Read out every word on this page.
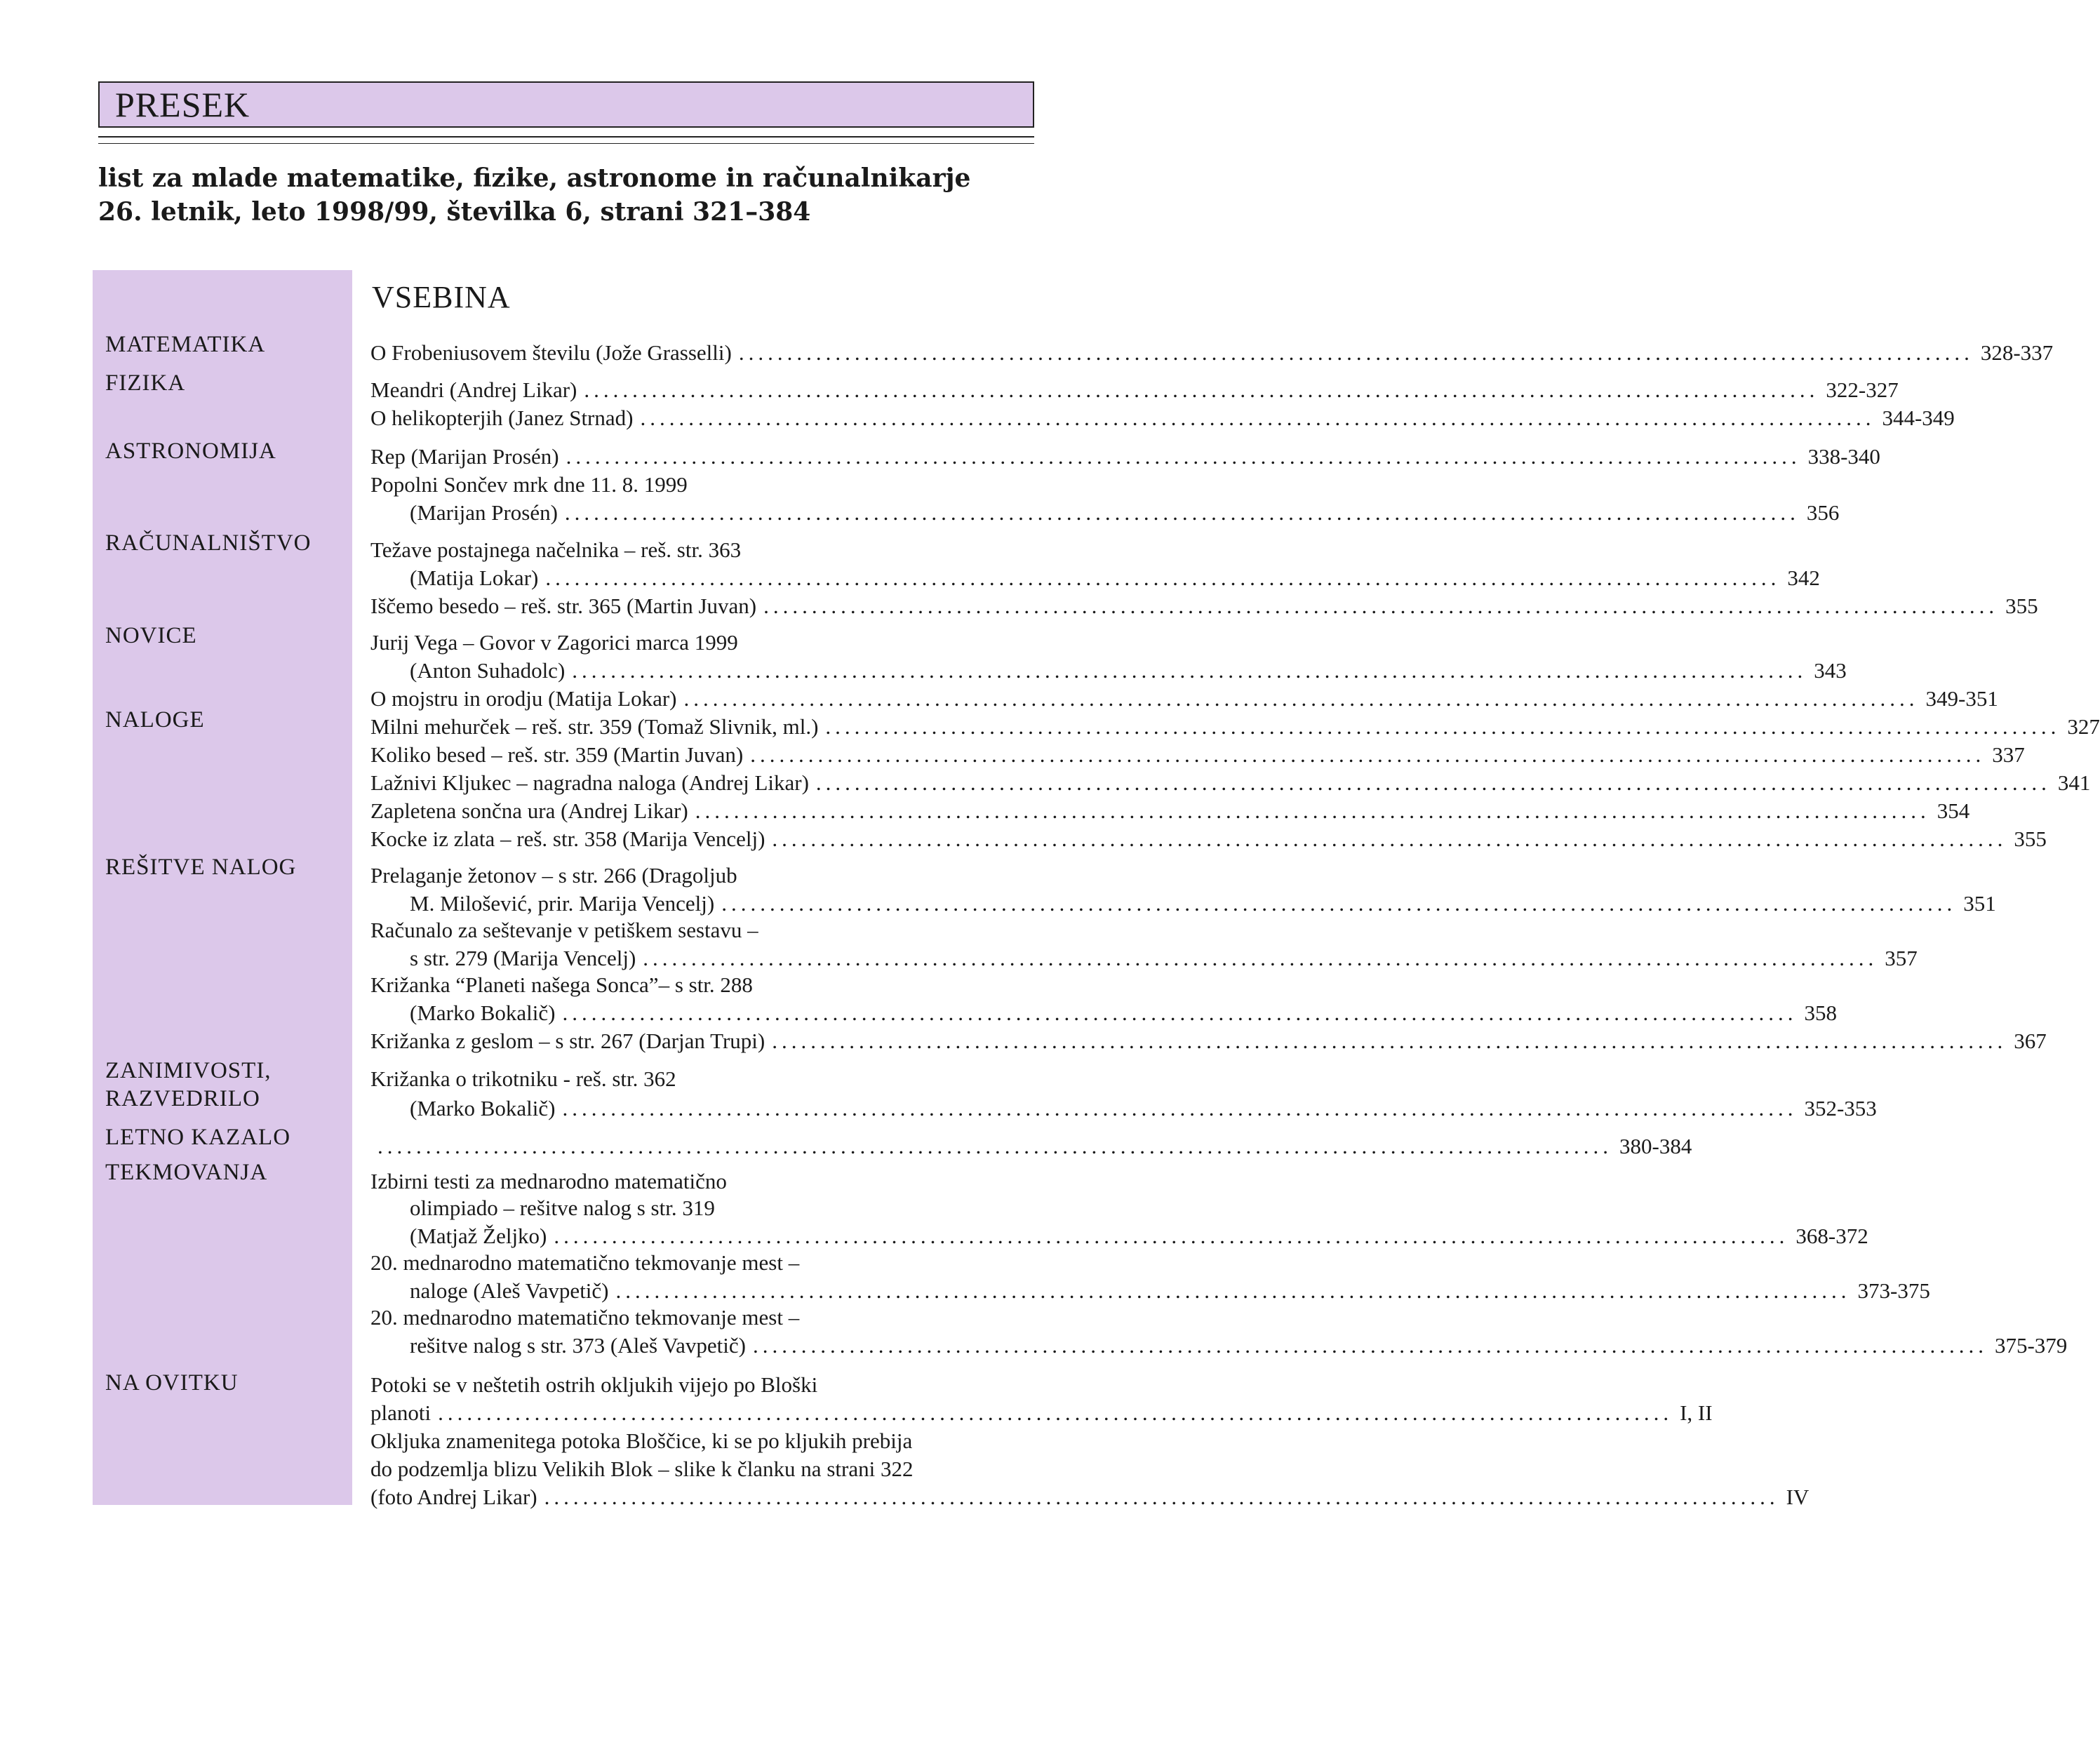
PRESEK
list za mlade matematike, fizike, astronome in računalnikarje
26. letnik, leto 1998/99, številka 6, strani 321–384
VSEBINA
MATEMATIKA
FIZIKA
ASTRONOMIJA
RAČUNALNIŠTVO
NOVICE
NALOGE
REŠITVE NALOG
ZANIMIVOSTI,
RAZVEDRILO
LETNO KAZALO
TEKMOVANJA
NA OVITKU
O Frobeniusovem številu (Jože Grasselli) ................................................................................................................................ 328-337
Meandri (Andrej Likar) ................................................................................................................................ 322-327
O helikopterjih (Janez Strnad) ................................................................................................................................ 344-349
Rep (Marijan Prosén) ................................................................................................................................ 338-340
Popolni Sončev mrk dne 11. 8. 1999
(Marijan Prosén) ................................................................................................................................ 356
Težave postajnega načelnika – reš. str. 363
(Matija Lokar) ................................................................................................................................ 342
Iščemo besedo – reš. str. 365 (Martin Juvan) ................................................................................................................................ 355
Jurij Vega – Govor v Zagorici marca 1999
(Anton Suhadolc) ................................................................................................................................ 343
O mojstru in orodju (Matija Lokar) ................................................................................................................................ 349-351
Milni mehurček – reš. str. 359 (Tomaž Slivnik, ml.) ................................................................................................................................ 327
Koliko besed – reš. str. 359 (Martin Juvan) ................................................................................................................................ 337
Lažnivi Kljukec – nagradna naloga (Andrej Likar) ................................................................................................................................ 341
Zapletena sončna ura (Andrej Likar) ................................................................................................................................ 354
Kocke iz zlata – reš. str. 358 (Marija Vencelj) ................................................................................................................................ 355
Prelaganje žetonov – s str. 266 (Dragoljub
M. Milošević, prir. Marija Vencelj) ................................................................................................................................ 351
Računalo za seštevanje v petiškem sestavu –
s str. 279 (Marija Vencelj) ................................................................................................................................ 357
Križanka “Planeti našega Sonca”– s str. 288
(Marko Bokalič) ................................................................................................................................ 358
Križanka z geslom – s str. 267 (Darjan Trupi) ................................................................................................................................ 367
Križanka o trikotniku - reš. str. 362
(Marko Bokalič) ................................................................................................................................ 352-353
................................................................................................................................ 380-384
Izbirni testi za mednarodno matematično
olimpiado – rešitve nalog s str. 319
(Matjaž Željko) ................................................................................................................................ 368-372
20. mednarodno matematično tekmovanje mest –
naloge (Aleš Vavpetič) ................................................................................................................................ 373-375
20. mednarodno matematično tekmovanje mest –
rešitve nalog s str. 373 (Aleš Vavpetič) ................................................................................................................................ 375-379
Potoki se v neštetih ostrih okljukih vijejo po Bloški
planoti ................................................................................................................................ I, II
Okljuka znamenitega potoka Bloščice, ki se po kljukih prebija
do podzemlja blizu Velikih Blok – slike k članku na strani 322
(foto Andrej Likar) ................................................................................................................................ IV
